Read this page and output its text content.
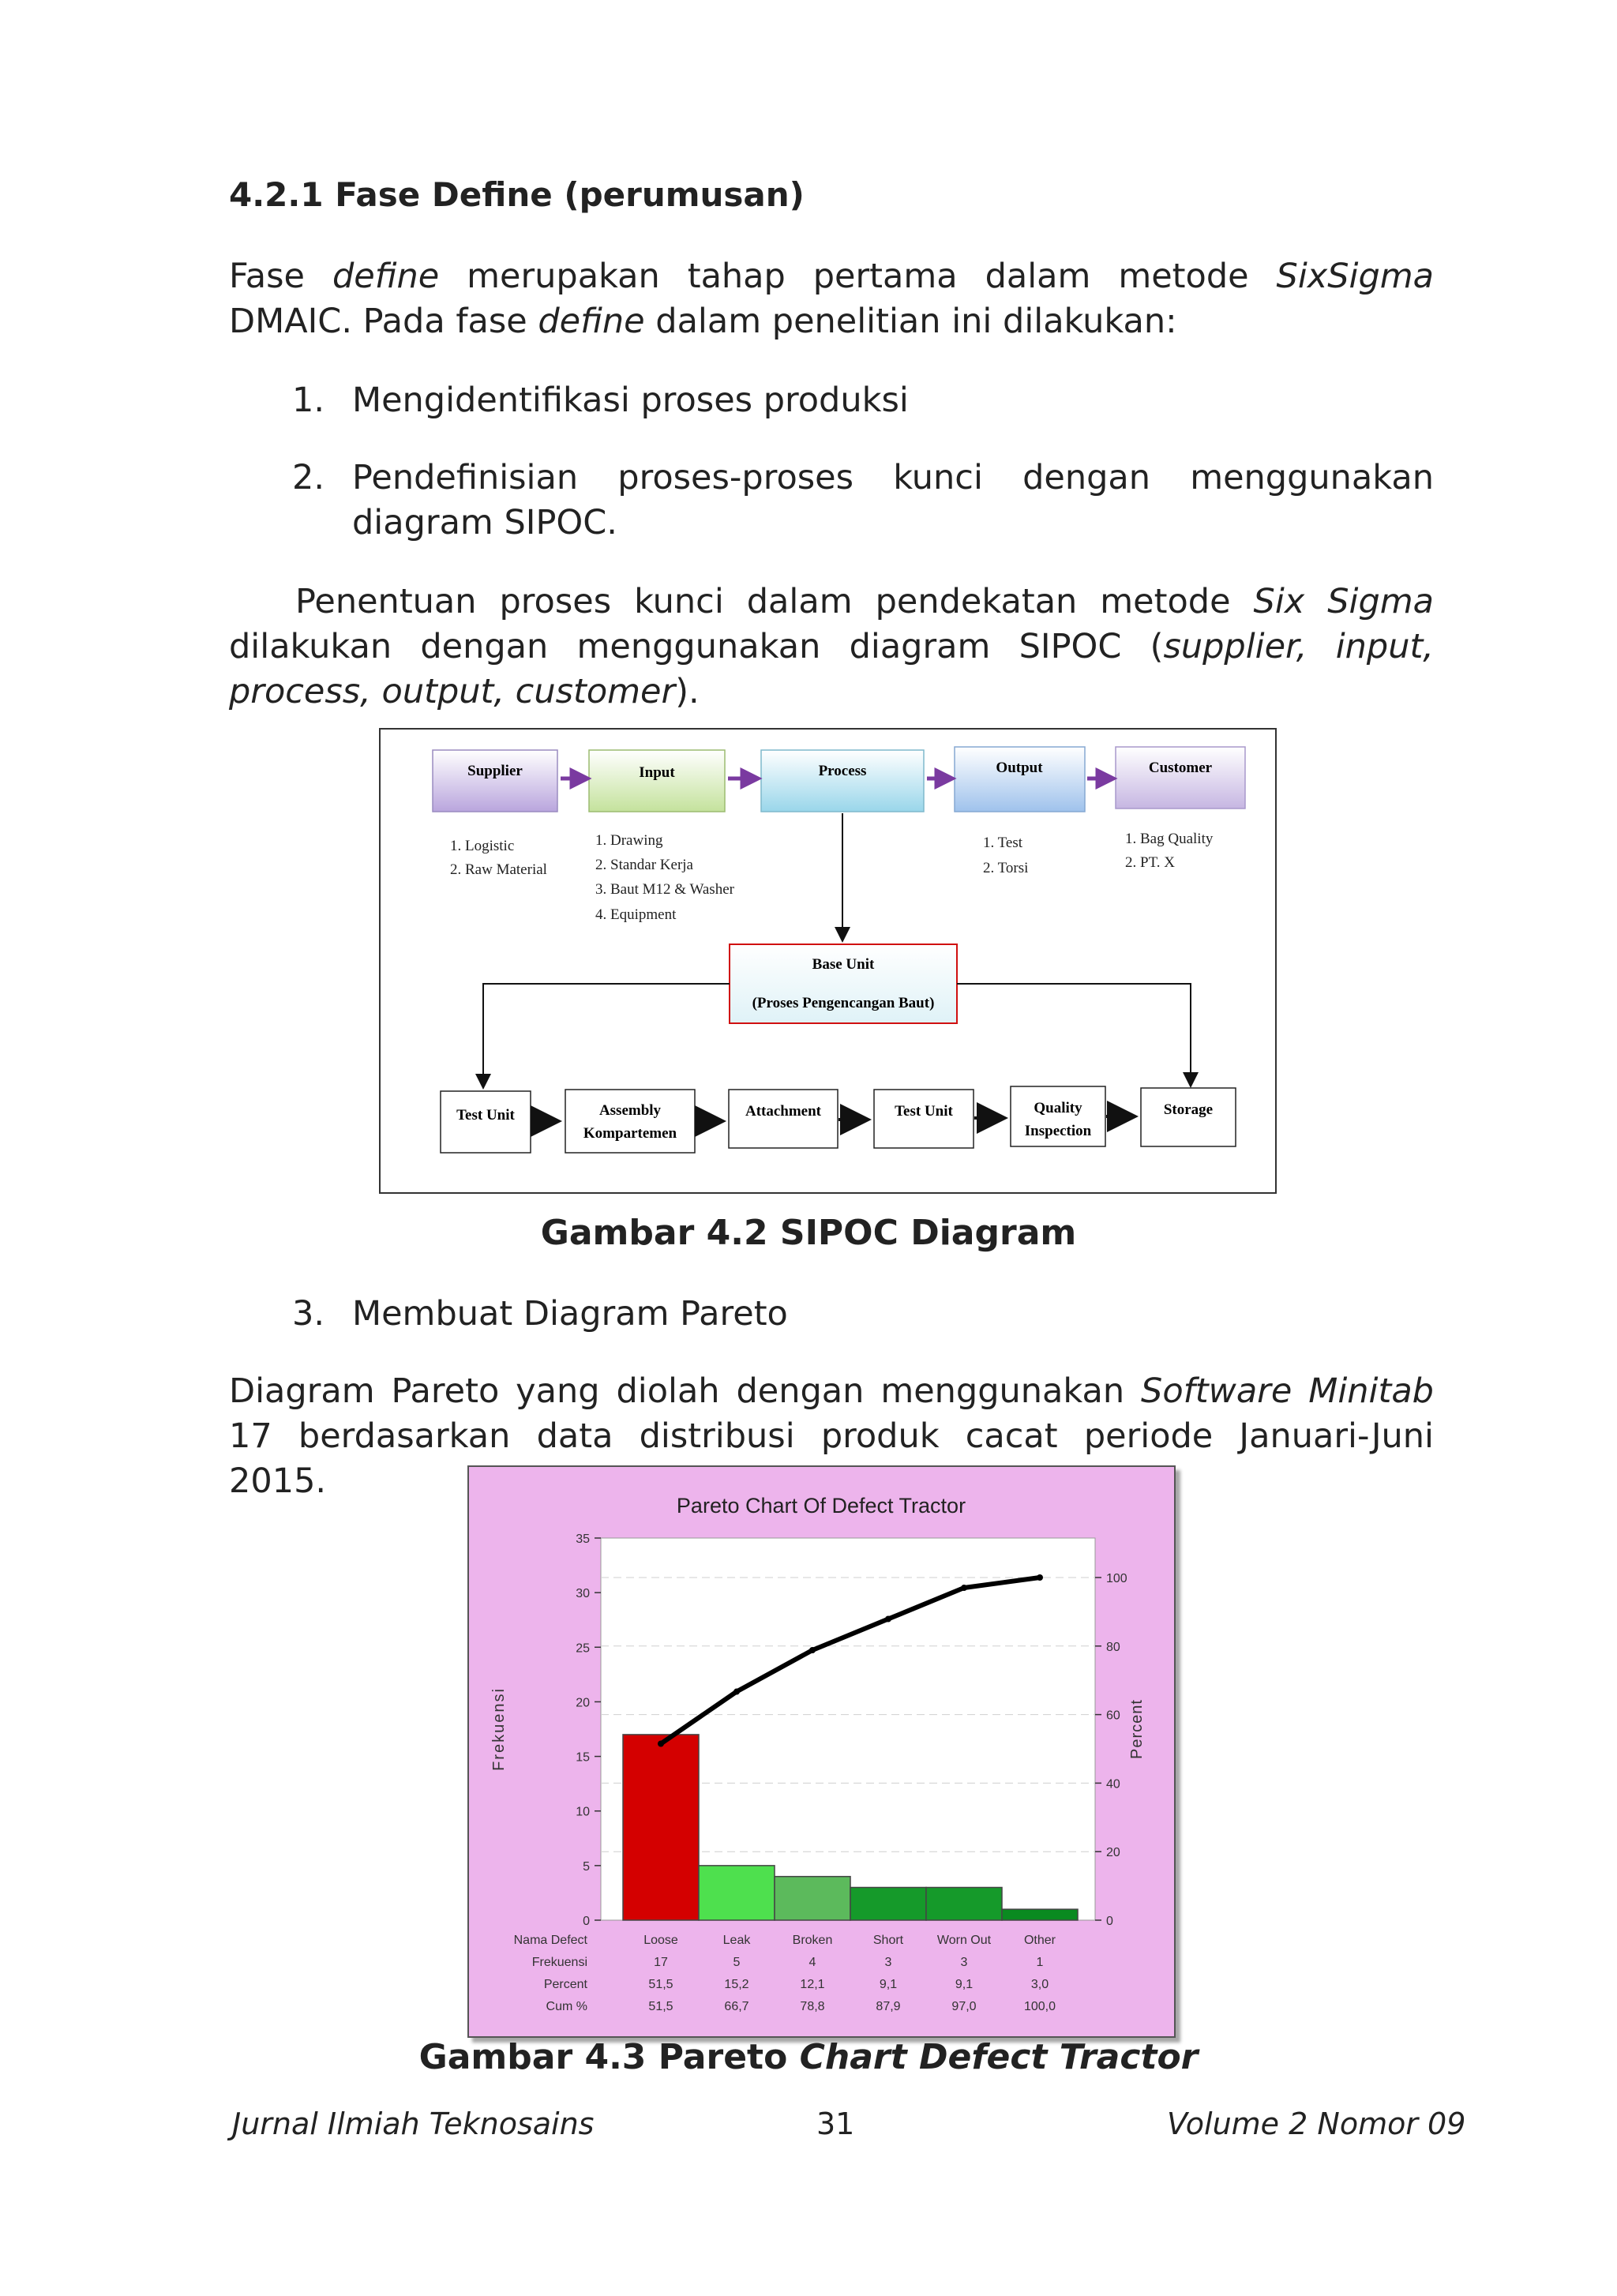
4.2.1 Fase Define (perumusan)
Fase define merupakan tahap pertama dalam metode SixSigma DMAIC. Pada fase define dalam penelitian ini dilakukan:
1. Mengidentifikasi proses produksi
2. Pendefinisian proses-proses kunci dengan menggunakan diagram SIPOC.
Penentuan proses kunci dalam pendekatan metode Six Sigma dilakukan dengan menggunakan diagram SIPOC (supplier, input, process, output, customer).
Supplier	Input	Process	Output	Customer
1. Logistic
2. Raw Material
1. Drawing
2. Standar Kerja
3. Baut M12 & Washer
4. Equipment
1. Test
2. Torsi
1. Bag Quality
2. PT. X
Base Unit
(Proses Pengencangan Baut)
Test Unit	Assembly
Kompartemen
Attachment	Test Unit	Quality
Inspection
Storage
Gambar 4.2 SIPOC Diagram
3. Membuat Diagram Pareto
Diagram Pareto yang diolah dengan menggunakan Software Minitab 17 berdasarkan data distribusi produk cacat periode Januari-Juni 2015.
Pareto Chart Of Defect Tractor
0
5
10
15
20
25
30
35
0
20
40
60
80
100
Nama Defect	Loose	Leak	Broken	Short	Worn Out	Other
Frekuensi	17	5	4	3	3	1
Percent	51,5	15,2	12,1	9,1	9,1	3,0
Cum %	51,5	66,7	78,8	87,9	97,0	100,0
Frekuensi	Percent
Gambar 4.3 Pareto Chart Defect Tractor
Jurnal Ilmiah Teknosains	31	Volume 2 Nomor 09
